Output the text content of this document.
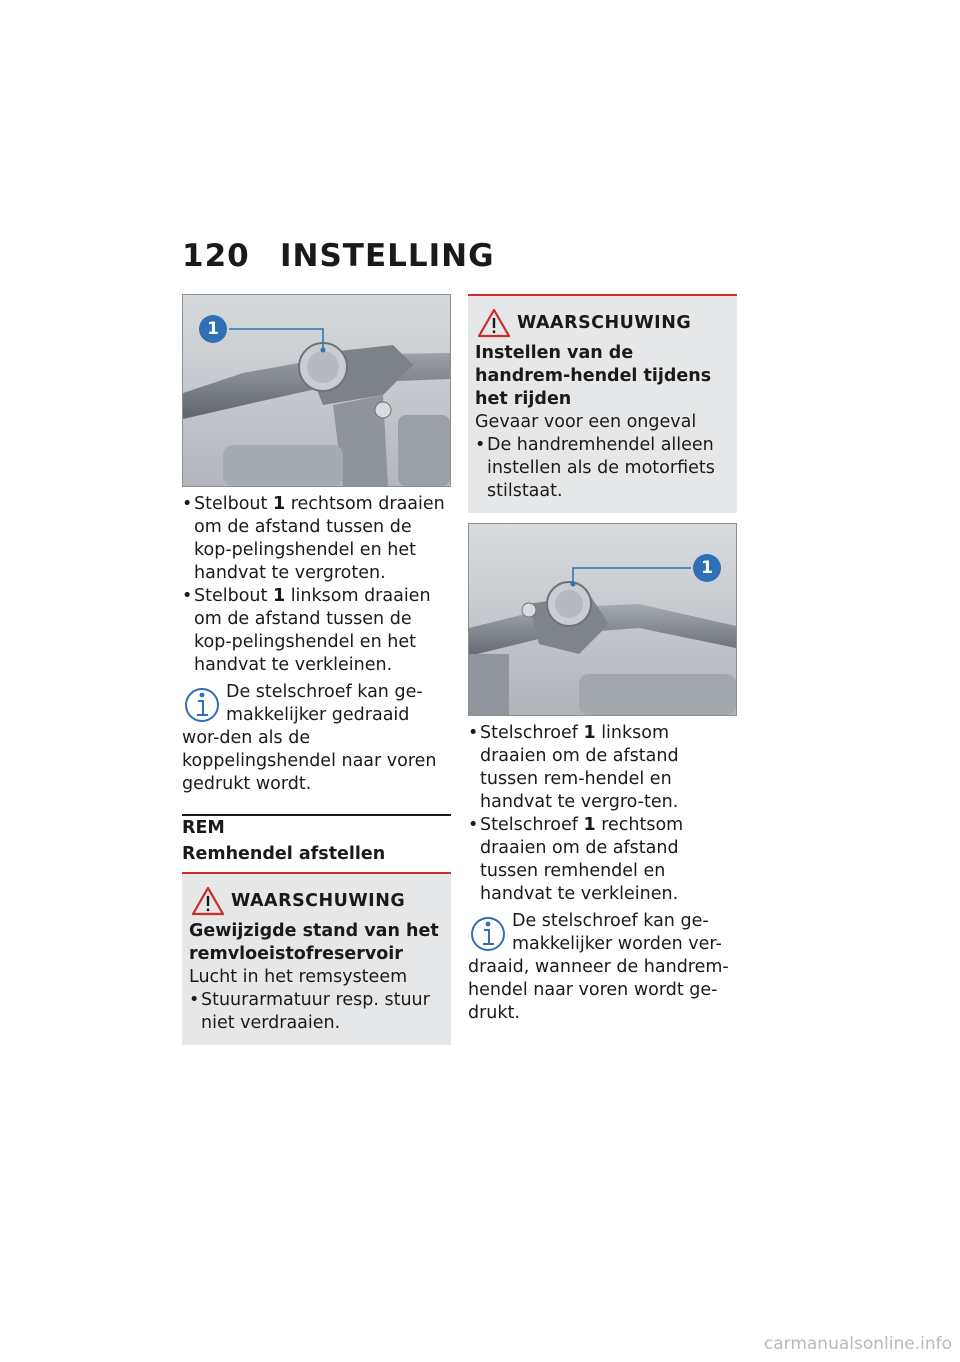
120 INSTELLING
1
• Stelbout 1 rechtsom draaien om de afstand tussen de kop-pelingshendel en het handvat te vergroten.
• Stelbout 1 linksom draaien om de afstand tussen de kop-pelingshendel en het handvat te verkleinen.
De stelschroef kan ge-makkelijker gedraaid wor-den als de koppelingshendel naar voren gedrukt wordt.
REM
Remhendel afstellen
WAARSCHUWING
Gewijzigde stand van het remvloeistofreservoir
Lucht in het remsysteem
• Stuurarmatuur resp. stuur niet verdraaien.
WAARSCHUWING
Instellen van de handrem-hendel tijdens het rijden
Gevaar voor een ongeval
• De handremhendel alleen instellen als de motorfiets stilstaat.
1
• Stelschroef 1 linksom draaien om de afstand tussen rem-hendel en handvat te vergro-ten.
• Stelschroef 1 rechtsom draaien om de afstand tussen remhendel en handvat te verkleinen.
De stelschroef kan ge-makkelijker worden ver-draaid, wanneer de handrem-hendel naar voren wordt ge-drukt.
carmanualsonline.info
